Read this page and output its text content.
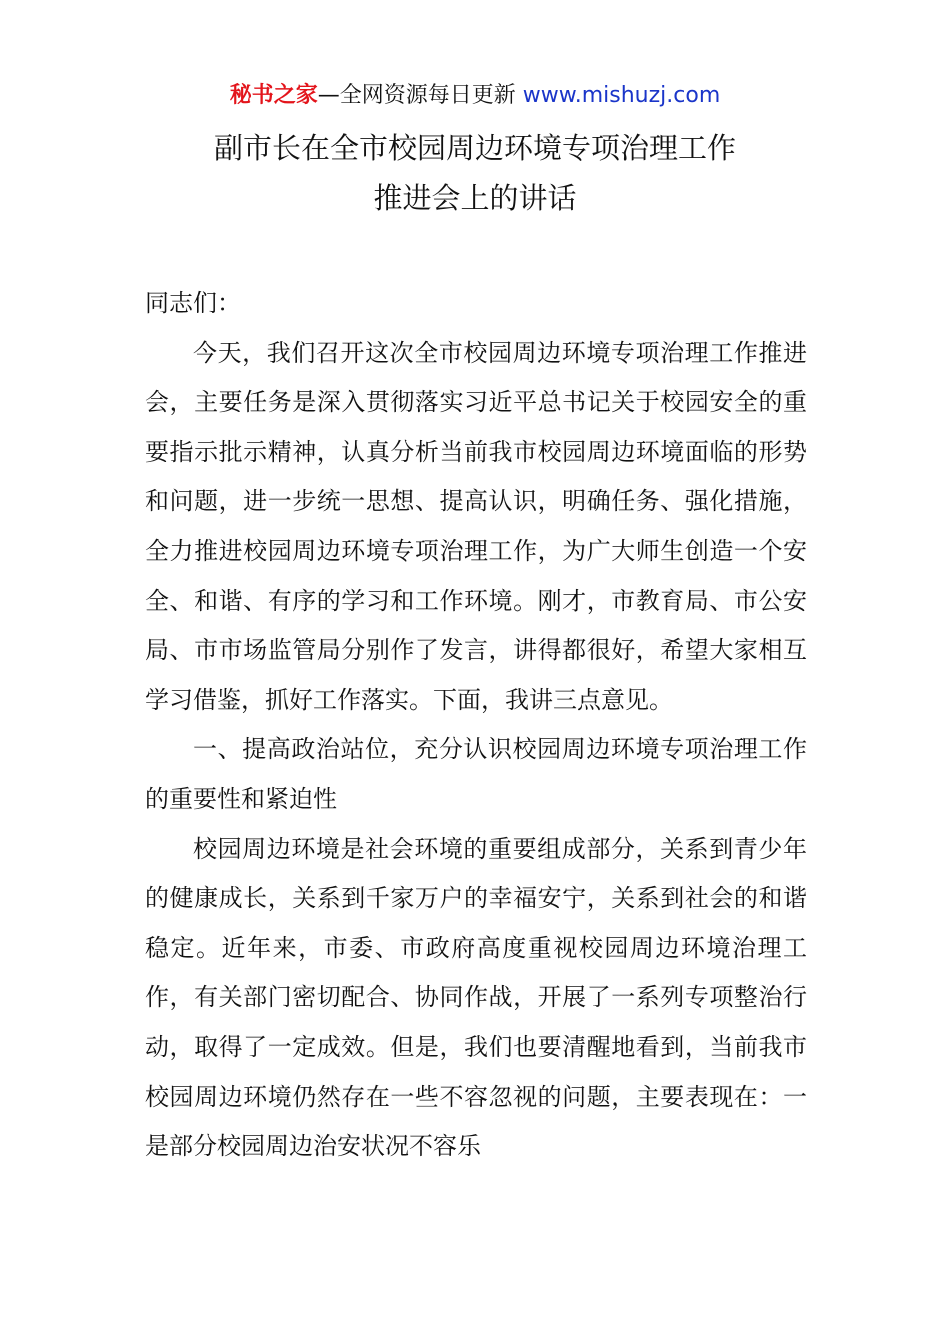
秘书之家—全网资源每日更新 www.mishuzj.com
副市长在全市校园周边环境专项治理工作
推进会上的讲话

同志们：

今天，我们召开这次全市校园周边环境专项治理工作推进会，主要任务是深入贯彻落实习近平总书记关于校园安全的重要指示批示精神，认真分析当前我市校园周边环境面临的形势和问题，进一步统一思想、提高认识，明确任务、强化措施，全力推进校园周边环境专项治理工作，为广大师生创造一个安全、和谐、有序的学习和工作环境。刚才，市教育局、市公安局、市市场监管局分别作了发言，讲得都很好，希望大家相互学习借鉴，抓好工作落实。下面，我讲三点意见。

一、提高政治站位，充分认识校园周边环境专项治理工作的重要性和紧迫性

校园周边环境是社会环境的重要组成部分，关系到青少年的健康成长，关系到千家万户的幸福安宁，关系到社会的和谐稳定。近年来，市委、市政府高度重视校园周边环境治理工作，有关部门密切配合、协同作战，开展了一系列专项整治行动，取得了一定成效。但是，我们也要清醒地看到，当前我市校园周边环境仍然存在一些不容忽视的问题，主要表现在：一是部分校园周边治安状况不容乐
